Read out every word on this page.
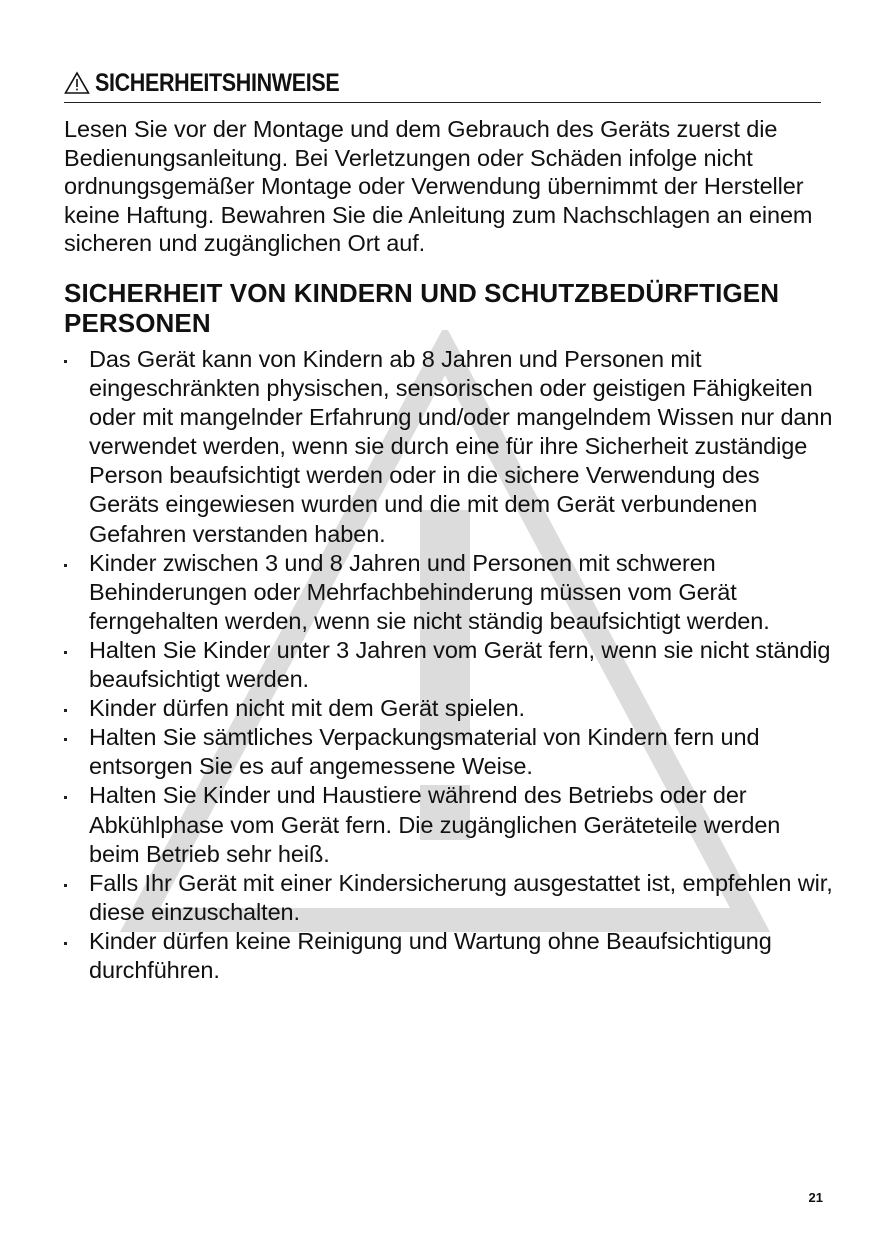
SICHERHEITSHINWEISE

Lesen Sie vor der Montage und dem Gebrauch des Geräts zuerst die Bedienungsanleitung. Bei Verletzungen oder Schäden infolge nicht ordnungsgemäßer Montage oder Verwendung übernimmt der Hersteller keine Haftung. Bewahren Sie die Anleitung zum Nachschlagen an einem sicheren und zugänglichen Ort auf.

SICHERHEIT VON KINDERN UND SCHUTZBEDÜRFTIGEN PERSONEN
Das Gerät kann von Kindern ab 8 Jahren und Personen mit eingeschränkten physischen, sensorischen oder geistigen Fähigkeiten oder mit mangelnder Erfahrung und/oder mangelndem Wissen nur dann verwendet werden, wenn sie durch eine für ihre Sicherheit zuständige Person beaufsichtigt werden oder in die sichere Verwendung des Geräts eingewiesen wurden und die mit dem Gerät verbundenen Gefahren verstanden haben.
Kinder zwischen 3 und 8 Jahren und Personen mit schweren Behinderungen oder Mehrfachbehinderung müssen vom Gerät ferngehalten werden, wenn sie nicht ständig beaufsichtigt werden.
Halten Sie Kinder unter 3 Jahren vom Gerät fern, wenn sie nicht ständig beaufsichtigt werden.
Kinder dürfen nicht mit dem Gerät spielen.
Halten Sie sämtliches Verpackungsmaterial von Kindern fern und entsorgen Sie es auf angemessene Weise.
Halten Sie Kinder und Haustiere während des Betriebs oder der Abkühlphase vom Gerät fern. Die zugänglichen Geräteteile werden beim Betrieb sehr heiß.
Falls Ihr Gerät mit einer Kindersicherung ausgestattet ist, empfehlen wir, diese einzuschalten.
Kinder dürfen keine Reinigung und Wartung ohne Beaufsichtigung durchführen.
21
